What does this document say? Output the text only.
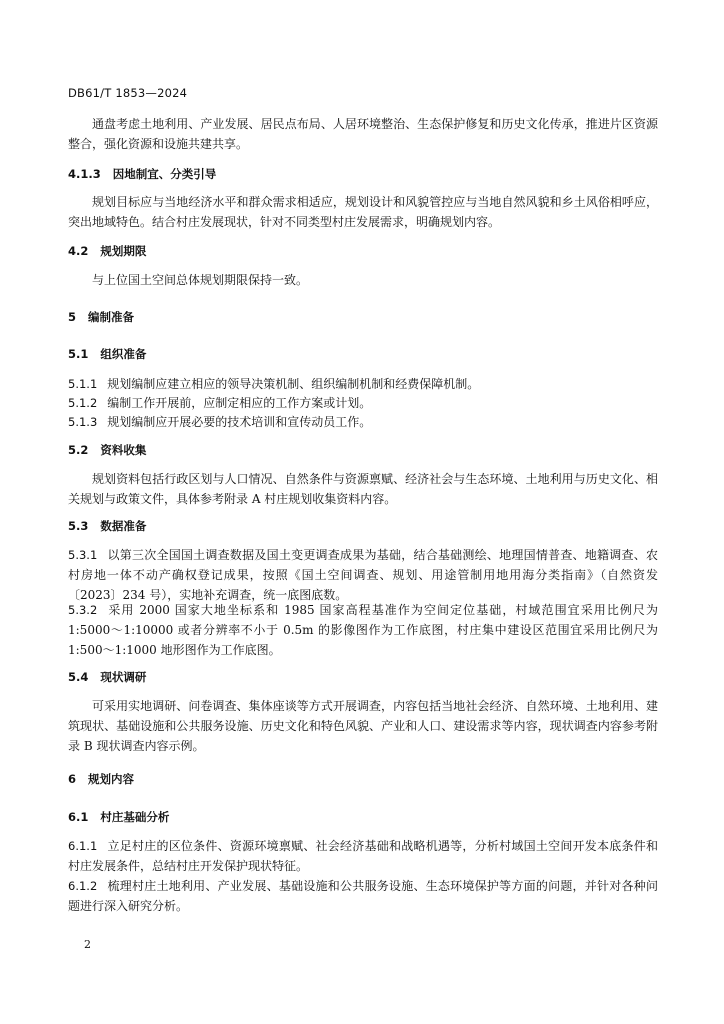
DB61/T 1853—2024

通盘考虑土地利用、产业发展、居民点布局、人居环境整治、生态保护修复和历史文化传承，推进片区资源整合，强化资源和设施共建共享。

4.1.3 因地制宜、分类引导

规划目标应与当地经济水平和群众需求相适应，规划设计和风貌管控应与当地自然风貌和乡土风俗相呼应，突出地域特色。结合村庄发展现状，针对不同类型村庄发展需求，明确规划内容。

4.2 规划期限

与上位国土空间总体规划期限保持一致。

5 编制准备
5.1 组织准备

5.1.1 规划编制应建立相应的领导决策机制、组织编制机制和经费保障机制。

5.1.2 编制工作开展前，应制定相应的工作方案或计划。

5.1.3 规划编制应开展必要的技术培训和宣传动员工作。

5.2 资料收集

规划资料包括行政区划与人口情况、自然条件与资源禀赋、经济社会与生态环境、土地利用与历史文化、相关规划与政策文件，具体参考附录 A 村庄规划收集资料内容。

5.3 数据准备

5.3.1 以第三次全国国土调查数据及国土变更调查成果为基础，结合基础测绘、地理国情普查、地籍调查、农村房地一体不动产确权登记成果，按照《国土空间调查、规划、用途管制用地用海分类指南》（自然资发〔2023〕234 号），实地补充调查，统一底图底数。

5.3.2 采用 2000 国家大地坐标系和 1985 国家高程基准作为空间定位基础，村域范围宜采用比例尺为 1:5000～1:10000 或者分辨率不小于 0.5m 的影像图作为工作底图，村庄集中建设区范围宜采用比例尺为 1:500～1:1000 地形图作为工作底图。

5.4 现状调研

可采用实地调研、问卷调查、集体座谈等方式开展调查，内容包括当地社会经济、自然环境、土地利用、建筑现状、基础设施和公共服务设施、历史文化和特色风貌、产业和人口、建设需求等内容，现状调查内容参考附录 B 现状调查内容示例。

6 规划内容
6.1 村庄基础分析

6.1.1 立足村庄的区位条件、资源环境禀赋、社会经济基础和战略机遇等，分析村域国土空间开发本底条件和村庄发展条件，总结村庄开发保护现状特征。

6.1.2 梳理村庄土地利用、产业发展、基础设施和公共服务设施、生态环境保护等方面的问题，并针对各种问题进行深入研究分析。

2
